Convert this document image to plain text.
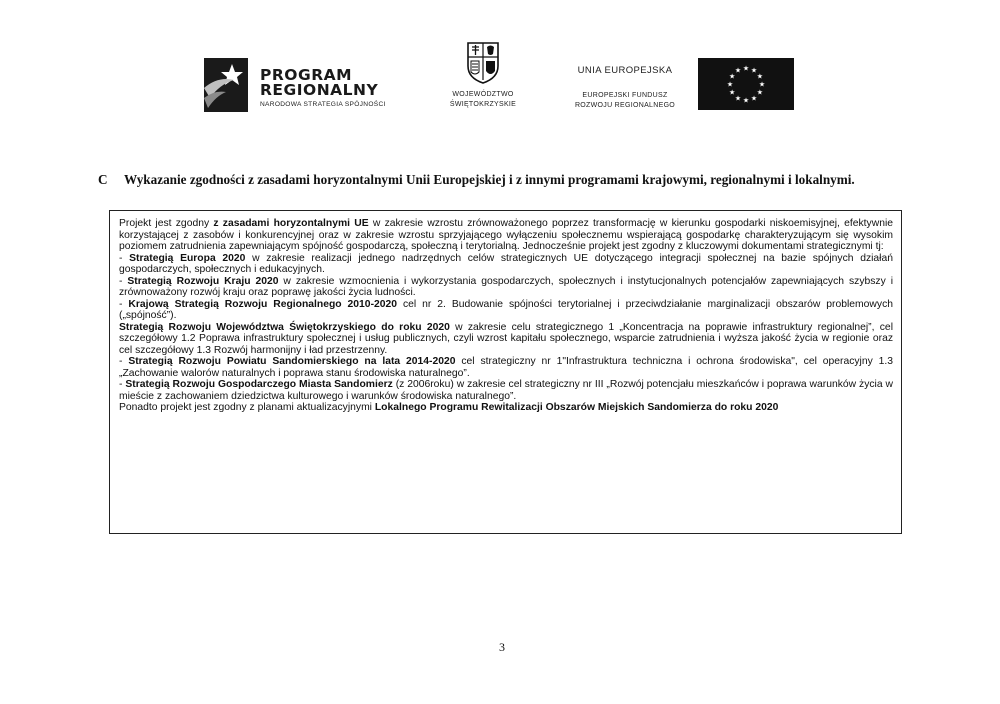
PROGRAM
REGIONALNY
NARODOWA STRATEGIA SPÓJNOŚCI
WOJEWÓDZTWO
ŚWIĘTOKRZYSKIE
UNIA EUROPEJSKA
EUROPEJSKI FUNDUSZ
ROZWOJU REGIONALNEGO
★ ★
★
★
★
★
★
★
★
★
★
★
C Wykazanie zgodności z zasadami horyzontalnymi Unii Europejskiej i z innymi programami krajowymi, regionalnymi i lokalnymi.

Projekt jest zgodny z zasadami horyzontalnymi UE w zakresie wzrostu zrównoważonego poprzez transformację w kierunku gospodarki niskoemisyjnej, efektywnie korzystającej z zasobów i konkurencyjnej oraz w zakresie wzrostu sprzyjającego wyłączeniu społecznemu wspierającą gospodarkę charakteryzującym się wysokim poziomem zatrudnienia zapewniającym spójność gospodarczą, społeczną i terytorialną. Jednocześnie projekt jest zgodny z kluczowymi dokumentami strategicznymi tj:

- Strategią Europa 2020 w zakresie realizacji jednego nadrzędnych celów strategicznych UE dotyczącego integracji społecznej na bazie spójnych działań gospodarczych, społecznych i edukacyjnych.

- Strategią Rozwoju Kraju 2020 w zakresie wzmocnienia i wykorzystania gospodarczych, społecznych i instytucjonalnych potencjałów zapewniających szybszy i zrównoważony rozwój kraju oraz poprawę jakości życia ludności.

- Krajową Strategią Rozwoju Regionalnego 2010-2020 cel nr 2. Budowanie spójności terytorialnej i przeciwdziałanie marginalizacji obszarów problemowych („spójność”).

Strategią Rozwoju Województwa Świętokrzyskiego do roku 2020 w zakresie celu strategicznego 1 „Koncentracja na poprawie infrastruktury regionalnej”, cel szczegółowy 1.2 Poprawa infrastruktury społecznej i usług publicznych, czyli wzrost kapitału społecznego, wsparcie zatrudnienia i wyższa jakość życia w regionie oraz cel szczegółowy 1.3 Rozwój harmonijny i ład przestrzenny.

- Strategią Rozwoju Powiatu Sandomierskiego na lata 2014-2020 cel strategiczny nr 1"Infrastruktura techniczna i ochrona środowiska", cel operacyjny 1.3 „Zachowanie walorów naturalnych i poprawa stanu środowiska naturalnego”.

- Strategią Rozwoju Gospodarczego Miasta Sandomierz (z 2006roku) w zakresie cel strategiczny nr III „Rozwój potencjału mieszkańców i poprawa warunków życia w mieście z zachowaniem dziedzictwa kulturowego i warunków środowiska naturalnego”.

Ponadto projekt jest zgodny z planami aktualizacyjnymi Lokalnego Programu Rewitalizacji Obszarów Miejskich Sandomierza do roku 2020

3
